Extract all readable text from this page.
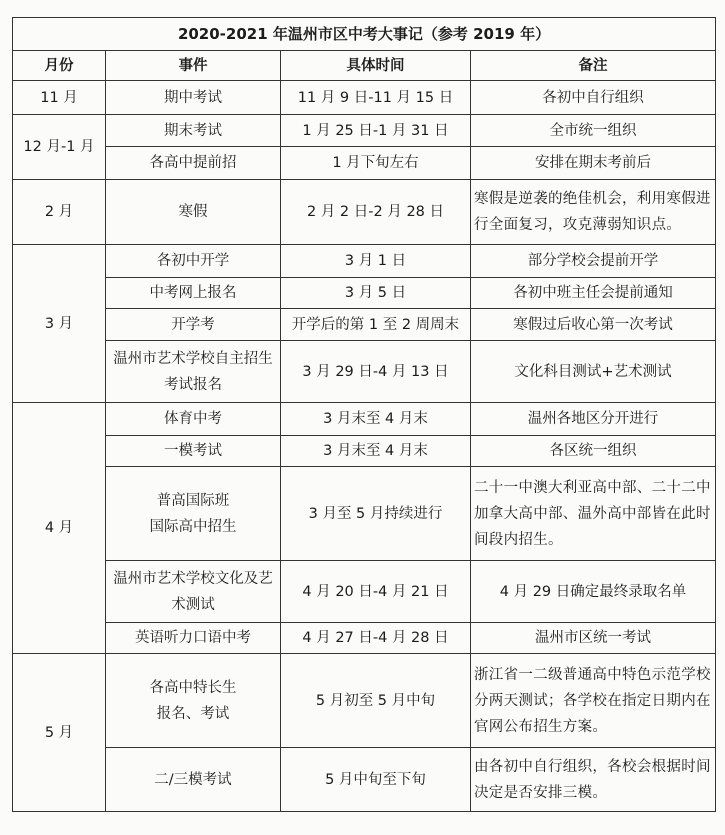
2020-2021 年温州市区中考大事记（参考 2019 年）			
月份	事件	具体时间	备注
11 月	期中考试	11 月 9 日-11 月 15 日	各初中自行组织
12 月-1 月	期末考试	1 月 25 日-1 月 31 日	全市统一组织
	各高中提前招	1 月下旬左右	安排在期末考前后
2 月	寒假	2 月 2 日-2 月 28 日	寒假是逆袭的绝佳机会，利用寒假进行全面复习，攻克薄弱知识点。
3 月	各初中开学	3 月 1 日	部分学校会提前开学
	中考网上报名	3 月 5 日	各初中班主任会提前通知
	开学考	开学后的第 1 至 2 周周末	寒假过后收心第一次考试
	温州市艺术学校自主招生考试报名	3 月 29 日-4 月 13 日	文化科目测试+艺术测试
4 月	体育中考	3 月末至 4 月末	温州各地区分开进行
	一模考试	3 月末至 4 月末	各区统一组织
	普高国际班
国际高中招生	3 月至 5 月持续进行	二十一中澳大利亚高中部、二十二中加拿大高中部、温外高中部皆在此时间段内招生。
	温州市艺术学校文化及艺术测试	4 月 20 日-4 月 21 日	4 月 29 日确定最终录取名单
	英语听力口语中考	4 月 27 日-4 月 28 日	温州市区统一考试
5 月	各高中特长生
报名、考试	5 月初至 5 月中旬	浙江省一二级普通高中特色示范学校分两天测试；各学校在指定日期内在官网公布招生方案。
	二/三模考试	5 月中旬至下旬	由各初中自行组织，各校会根据时间决定是否安排三模。
